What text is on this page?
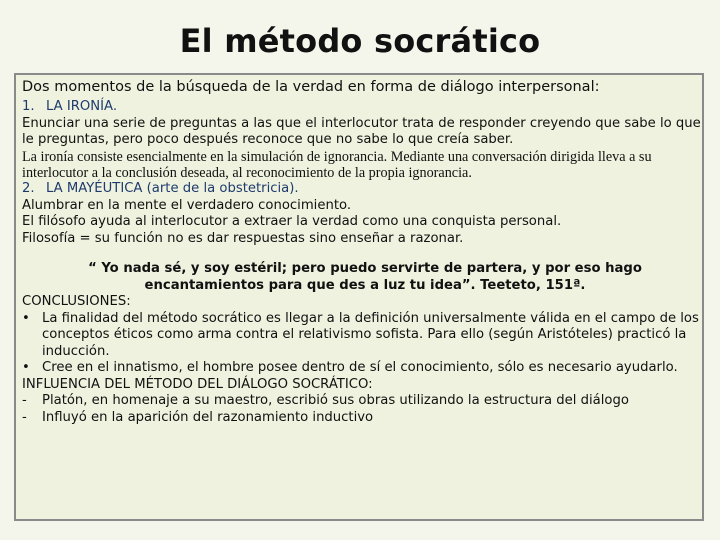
El método socrático

Dos momentos de la búsqueda de la verdad en forma de diálogo interpersonal:

1. LA IRONÍA.

Enunciar una serie de preguntas a las que el interlocutor trata de responder creyendo que sabe lo que le preguntas, pero poco después reconoce que no sabe lo que creía saber.

La ironía consiste esencialmente en la simulación de ignorancia. Mediante una conversación dirigida lleva a su interlocutor a la conclusión deseada, al reconocimiento de la propia ignorancia.

2. LA MAYÉUTICA (arte de la obstetricia).

Alumbrar en la mente el verdadero conocimiento.

El filósofo ayuda al interlocutor a extraer la verdad como una conquista personal.

Filosofía = su función no es dar respuestas sino enseñar a razonar.

“ Yo nada sé, y soy estéril; pero puedo servirte de partera, y por eso hago encantamientos para que des a luz tu idea”. Teeteto, 151ª.

CONCLUSIONES:

• La finalidad del método socrático es llegar a la definición universalmente válida en el campo de los conceptos éticos como arma contra el relativismo sofista. Para ello (según Aristóteles) practicó la inducción.

• Cree en el innatismo, el hombre posee dentro de sí el conocimiento, sólo es necesario ayudarlo.

INFLUENCIA DEL MÉTODO DEL DIÁLOGO SOCRÁTICO:

- Platón, en homenaje a su maestro, escribió sus obras utilizando la estructura del diálogo

- Influyó en la aparición del razonamiento inductivo
